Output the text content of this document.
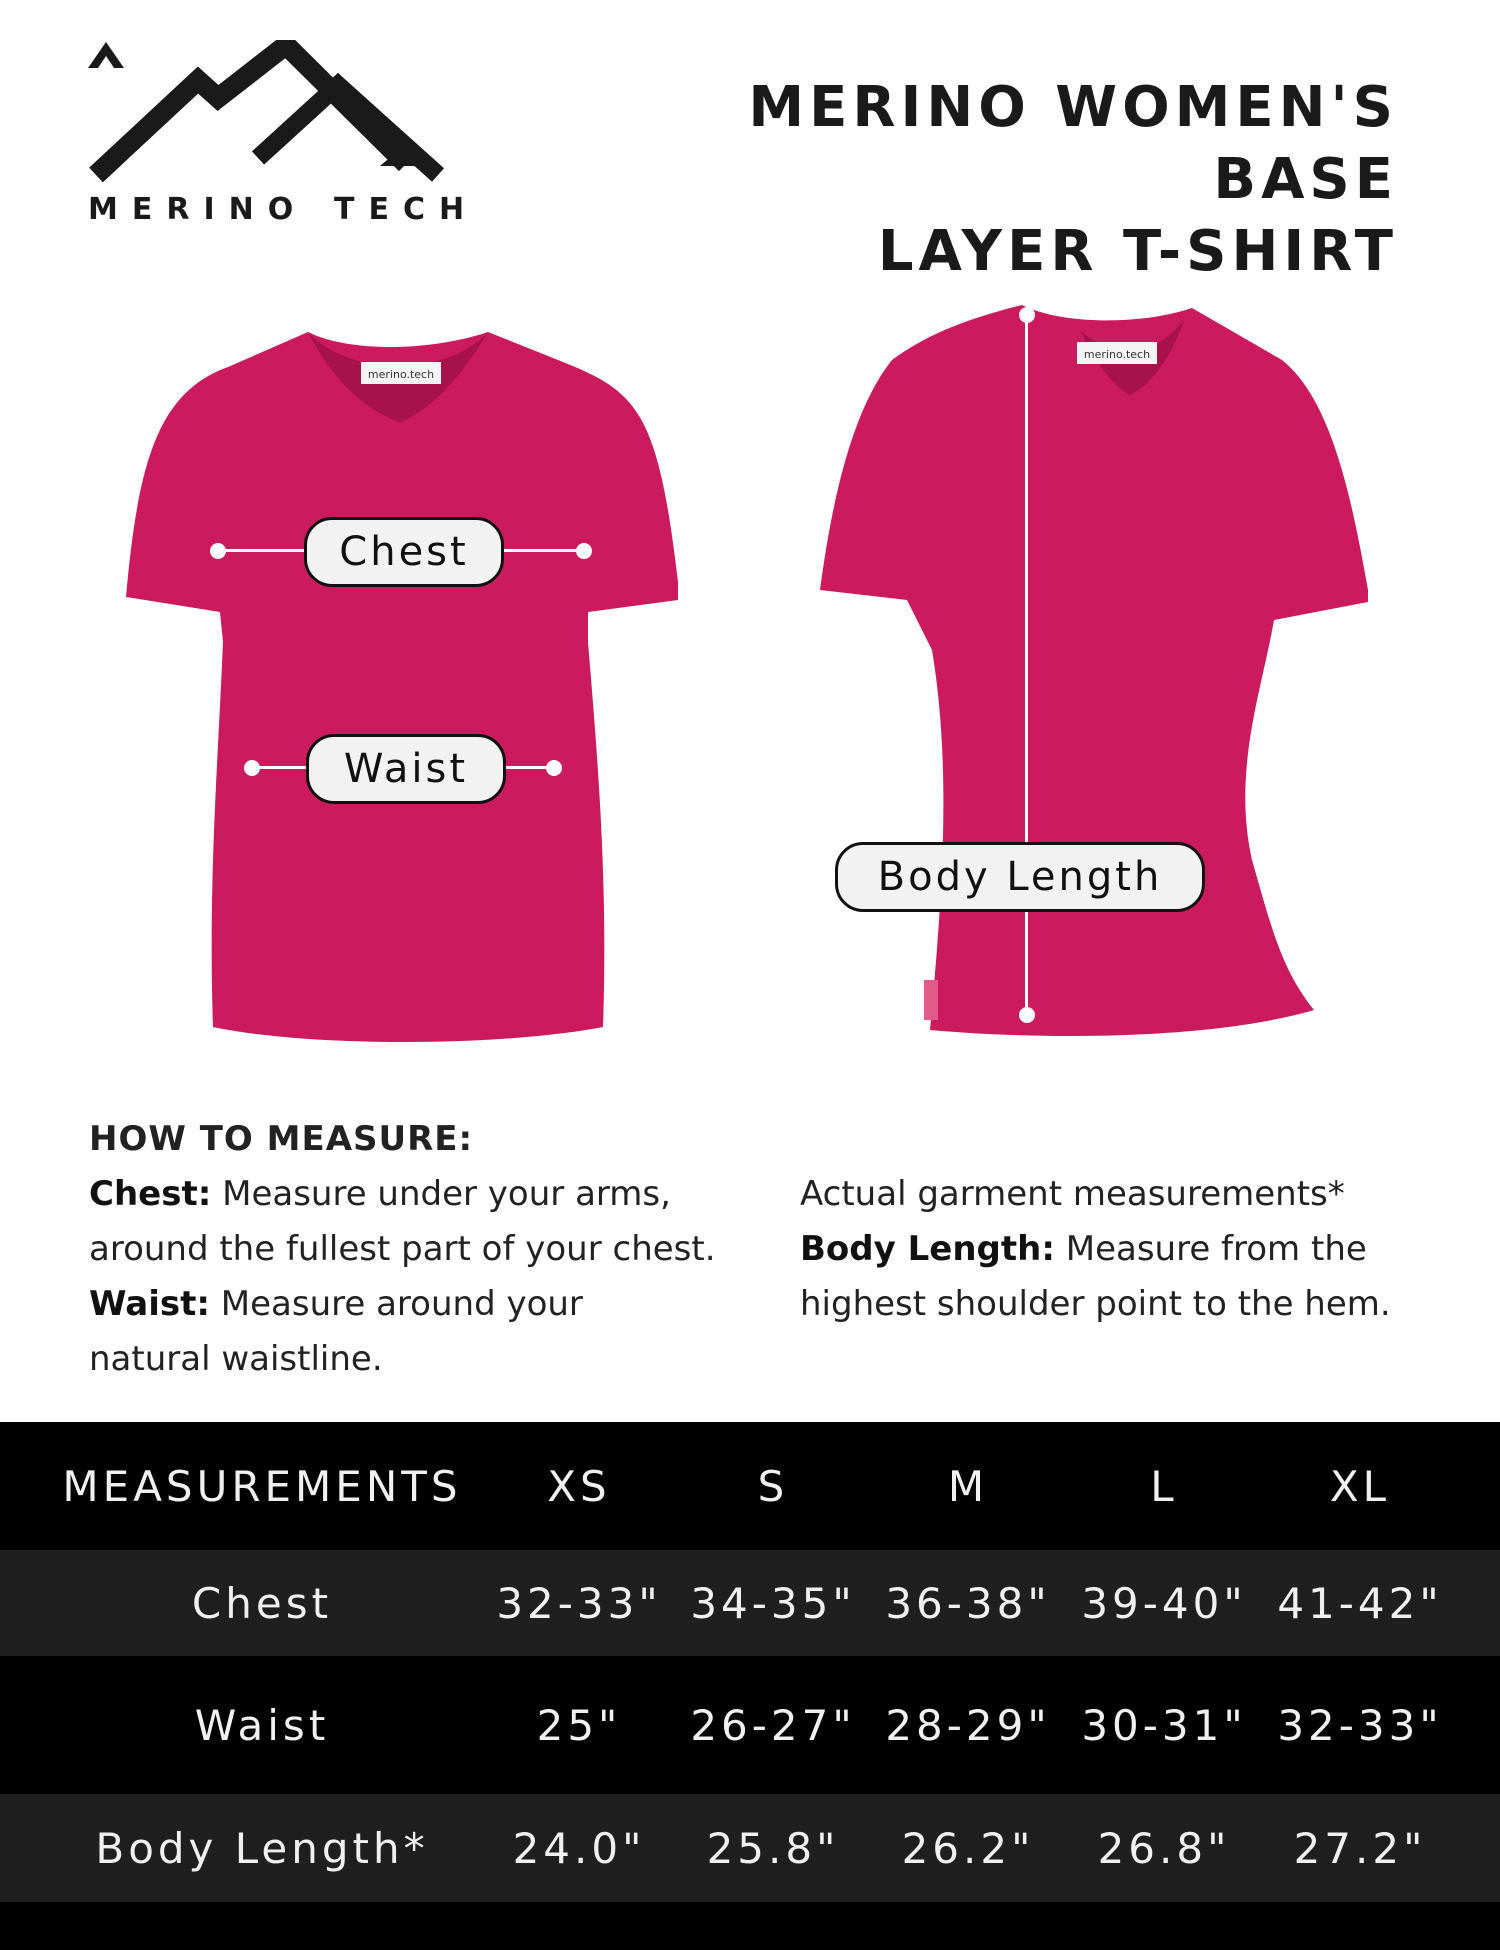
MERINO TECH
MERINO WOMEN'S BASE
LAYER T-SHIRT
merino.tech
Chest
Waist
merino.tech
Body Length
HOW TO MEASURE:
Chest: Measure under your arms,
around the fullest part of your chest.
Waist: Measure around your
natural waistline.
Actual garment measurements*
Body Length: Measure from the
highest shoulder point to the hem.
MEASUREMENTS	XS	S	M	L	XL
Chest	32-33" 34-35" 36-38" 39-40" 41-42"
Waist	25"	26-27" 28-29" 30-31" 32-33"
Body Length*	24.0"	25.8"	26.2"	26.8"	27.2"
